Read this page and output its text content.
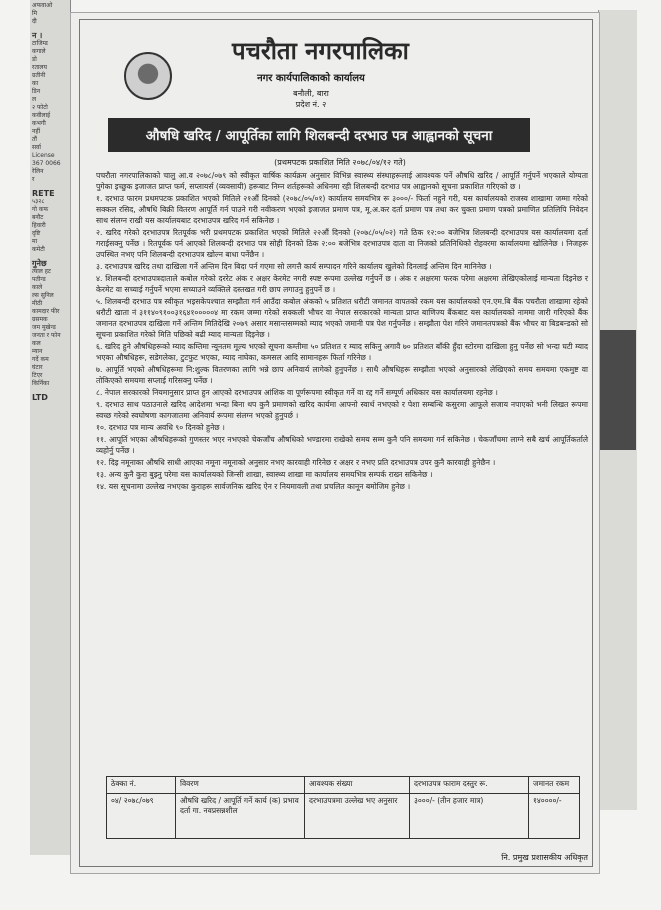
अफवाओ
मि
दी
न ।
टाजिम्ड
कगाले
डो
रतालय
ग्रतीनी
का
डिन
ल
२ फोटो
कवीलाई
कभगी
नहीं
तौं
सर्वा
License
367 0066
रेलिन
र
RETE
५३२८
गो कफ
बनौट
हिवारी
दृष्टि
मा
कमेटी
गुनेछ
त्याल हट
पतीन्ड
काले
ल्स सुनिल
मीठी
कामदार फीर
ग्रसमक
जम मुखेन्ड
जनता र फोन
कल
म्यान
गर्दे कम
घंटार
टिएर
किर्निका
LTD
पचरौता नगरपालिका
नगर कार्यपालिकाको कार्यालय
बनौली, बारा
प्रदेश नं. २
औषधि खरिद / आपूर्तिका लागि शिलबन्दी दरभाउ पत्र आह्वानको सूचना
(प्रथमपटक प्रकाशित मिति २०७८/०४/१२ गते)

पचरौता नगरपालिकाको चालु आ.व २०७८/०७९ को स्वीकृत वार्षिक कार्यक्रम अनुसार विभिन्न स्वास्थ्य संस्थाहरूलाई आवश्यक पर्ने औषधि खरिद / आपूर्ति गर्नुपर्ने भएकाले योग्यता पुगेका इच्छुक इजाजत प्राप्त फर्म, सप्लायर्स (व्यवसायी) हरूबाट निम्न शर्तहरूको अधिनमा रही शिलबन्दी दरभाउ पत्र आह्वानको सूचना प्रकाशित गरिएको छ ।

१. दरभाउ फारम प्रथमपटक प्रकाशित भएको मितिले २१औं दिनको (२०७८/०५/०१) कार्यालय समयभित्र रू ३०००/- फिर्ता नहुने गरी, यस कार्यालयको राजस्व शाखामा जम्मा गरेको सक्कल रसिद, औषधि बिक्री वितरण आपूर्ति गर्न पाउने गरी नवीकरण भएको इजाजत प्रमाण पत्र, मू.अ.कर दर्ता प्रमाण पत्र तथा कर चुक्ता प्रमाण पत्रको प्रमाणित प्रतिलिपि निवेदन साथ संलग्न राखी यस कार्यालयबाट दरभाउपत्र खरिद गर्न सकिनेछ ।

२. खरिद गरेको दरभाउपत्र रितपूर्वक भरी प्रथमपटक प्रकाशित भएको मितिले २२औं दिनको (२०७८/०५/०२) गते ठिक १२:०० बजेभित्र शिलबन्दी दरभाउपत्र यस कार्यालयमा दर्ता गराईसक्नु पर्नेछ । रितपूर्वक पर्न आएको शिलबन्दी दरभाउ पत्र सोही दिनको ठिक २:०० बजेभित्र दरभाउपत्र दाता वा निजको प्रतिनिधिको रोहवरमा कार्यालयमा खोलिनेछ । निजहरू उपस्थित नभए पनि शिलबन्दी दरभाउपत्र खोल्न बाधा पर्नेछैन ।

३. दरभाउपत्र खरिद तथा दाखिला गर्ने अन्तिम दिन बिदा पर्न गएमा सो लगत्तै कार्य सम्पादन गरिने कार्यालय खुलेको दिनलाई अन्तिम दिन मानिनेछ ।

४. शिलबन्दी दरभाउपत्रदाताले कबोल गरेको दररेट अंक र अक्षर केरमेट नगरी स्पष्ट रूपमा उल्लेख गर्नुपर्ने छ । अंक र अक्षरमा फरक परेमा अक्षरमा लेखिएकोलाई मान्यता दिइनेछ र केरमेट वा सच्याई गर्नुपर्ने भएमा सच्याउने व्यक्तिले दस्तखत गरी छाप लगाउनु हुनुपर्ने छ ।

५. शिलबन्दी दरभाउ पत्र स्वीकृत भइसकेपश्चात सम्झौता गर्न आउँदा कबोल अंकको ५ प्रतिशत धरौटी जमानत वापतको रकम यस कार्यालयको एन.एम.बि बैंक पचरौता शाखामा रहेको धरौटी खाता नं ३११४०९१००३१६४१०००००४ मा रकम जम्मा गरेको सक्कली भौचर वा नेपाल सरकारको मान्यता प्राप्त बाणिज्य बैंकबाट यस कार्यालयको नाममा जारी गरिएको बैंक जमानत दरभाउपत्र दाखिला गर्ने अन्तिम मितिदेखि २०७९ असार मसान्तसम्मको म्याद भएको जमानी पत्र पेश गर्नुपर्नेछ । सम्झौता पेश गरिने जमानतपत्रको बैंक भौचर वा बिडबन्डको सो सूचना प्रकाशित गरेको मिति पछिको बढी म्याद मान्यता दिइनेछ ।

६. खरिद हुने औषधिहरूको म्याद कम्तिमा न्यूनतम मूल्य भएको सूचना कम्तीमा ५० प्रतिशत र म्याद सकिनु अगावै ७० प्रतिशत बाँकी हुँदा स्टोरमा दाखिला हुनु पर्नेछ सो भन्दा घटी म्याद भएका औषधिहरू, सडेगलेका, टुटफुट भएका, म्याद नाघेका, कमसल आदि सामानहरू फिर्ता गरिनेछ ।

७. आपूर्ति भएको औषधिहरूमा नि:शुल्क वितरणका लागि भन्ने छाप अनिवार्य लागेको हुनुपर्नेछ । साथै औषधिहरू सम्झौता भएको अनुसारको लेखिएको समय समयमा एकमुष्ट वा तोकिएको समयमा सप्लाई गरिसक्नु पर्नेछ ।

८. नेपाल सरकारको नियमानुसार प्राप्त हुन आएको दरभाउपत्र आंशिक वा पूर्णरूपमा स्वीकृत गर्ने वा रद्द गर्ने सम्पूर्ण अधिकार यस कार्यालयमा रहनेछ ।

९. दरभाउ साथ पठाउनाले खरिद आदेशमा भन्दा बिना थप कुनै प्रमाणको खरिद कार्यमा आफ्नो स्वार्थ नभएको र पेशा सम्बन्धि कसुरमा आफूले सजाय नपाएको भनी लिखत रूपमा स्वच्छ गरेको स्वघोषणा कागजातमा अनिवार्य रूपमा संलग्न भएको हुनुपर्छ ।

१०. दरभाउ पत्र मान्य अवधि ९० दिनको हुनेछ ।

११. आपूर्ति भएका औषधिहरूको गुणस्तर भएर नभएको चेकजाँच औषधिको भण्डारमा राखेको समय सम्म कुनै पनि समयमा गर्न सकिनेछ । चेकजाँचमा लाग्ने सबै खर्च आपूर्तिकर्ताले व्यहोर्नु पर्नेछ ।

१२. दिइ नमूनाका औषधि साधी आएका नमूना नमूनाको अनुसार नभए कारवाही गरिनेछ र अक्षर र नभए प्रति दरभाउपत्र उपर कुनै कारवाही हुनेछैन ।

१३. अन्य कुनै कुरा बुझ्नु परेमा यस कार्यालयको जिन्सी शाखा, स्वास्थ्य शाखा मा कार्यालय समयभित्र सम्पर्क राख्न सकिनेछ ।

१४. यस सूचनामा उल्लेख नभएका कुराहरू सार्वजनिक खरिद ऐन र नियमावली तथा प्रचलित कानून बमोजिम हुनेछ ।

ठेक्का नं.	विवरण	आवश्यक संख्या	दरभाउपत्र फाराम दस्तुर रू.	जमानत रकम
०४/ २०७८/०७९	औषधि खरिद / आपूर्ति गर्ने कार्य (क) प्रभाव दर्ता गा. नवप्रसन्नशील	दरभाउपत्रमा उल्लेख भए अनुसार	३०००/- (तीन हजार मात्र)	१४००००/-
नि. प्रमुख प्रशासकीय अधिकृत
